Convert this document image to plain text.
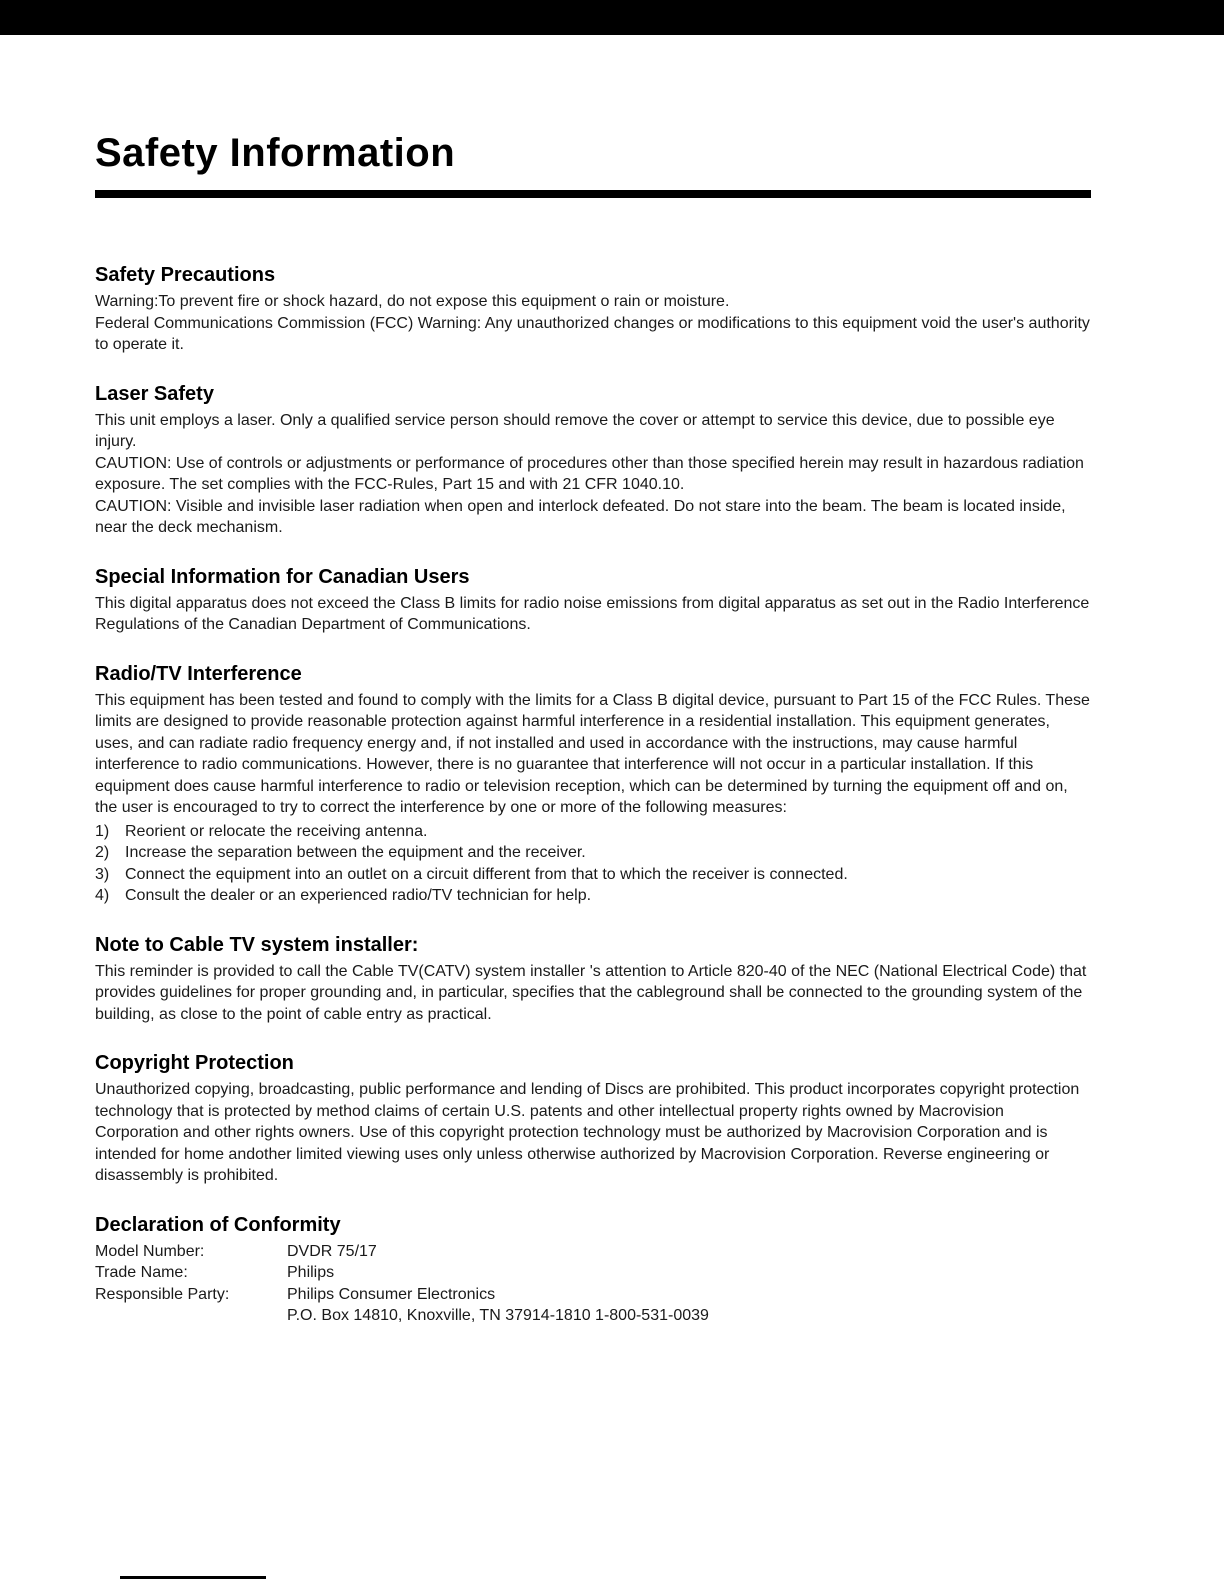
Safety Information
Safety Precautions

Warning:To prevent fire or shock hazard, do not expose this equipment o rain or moisture.

Federal Communications Commission (FCC) Warning: Any unauthorized changes or modifications to this equipment void the user's authority to operate it.

Laser Safety

This unit employs a laser. Only a qualified service person should remove the cover or attempt to service this device, due to possible eye injury.

CAUTION: Use of controls or adjustments or performance of procedures other than those specified herein may result in hazardous radiation exposure. The set complies with the FCC-Rules, Part 15 and with 21 CFR 1040.10.

CAUTION: Visible and invisible laser radiation when open and interlock defeated. Do not stare into the beam. The beam is located inside, near the deck mechanism.

Special Information for Canadian Users

This digital apparatus does not exceed the Class B limits for radio noise emissions from digital apparatus as set out in the Radio Interference Regulations of the Canadian Department of Communications.

Radio/TV Interference

This equipment has been tested and found to comply with the limits for a Class B digital device, pursuant to Part 15 of the FCC Rules. These limits are designed to provide reasonable protection against harmful interference in a residential installation. This equipment generates, uses, and can radiate radio frequency energy and, if not installed and used in accordance with the instructions, may cause harmful interference to radio communications. However, there is no guarantee that interference will not occur in a particular installation. If this equipment does cause harmful interference to radio or television reception, which can be determined by turning the equipment off and on, the user is encouraged to try to correct the interference by one or more of the following measures:

1) Reorient or relocate the receiving antenna.
2) Increase the separation between the equipment and the receiver.
3) Connect the equipment into an outlet on a circuit different from that to which the receiver is connected.
4) Consult the dealer or an experienced radio/TV technician for help.
Note to Cable TV system installer:

This reminder is provided to call the Cable TV(CATV) system installer 's attention to Article 820-40 of the NEC (National Electrical Code) that provides guidelines for proper grounding and, in particular, specifies that the cableground shall be connected to the grounding system of the building, as close to the point of cable entry as practical.

Copyright Protection

Unauthorized copying, broadcasting, public performance and lending of Discs are prohibited. This product incorporates copyright protection technology that is protected by method claims of certain U.S. patents and other intellectual property rights owned by Macrovision Corporation and other rights owners. Use of this copyright protection technology must be authorized by Macrovision Corporation and is intended for home andother limited viewing uses only unless otherwise authorized by Macrovision Corporation. Reverse engineering or disassembly is prohibited.

Declaration of Conformity
Model Number:	DVDR 75/17
Trade Name:	Philips
Responsible Party:	Philips Consumer Electronics
P.O. Box 14810, Knoxville, TN 37914-1810 1-800-531-0039
